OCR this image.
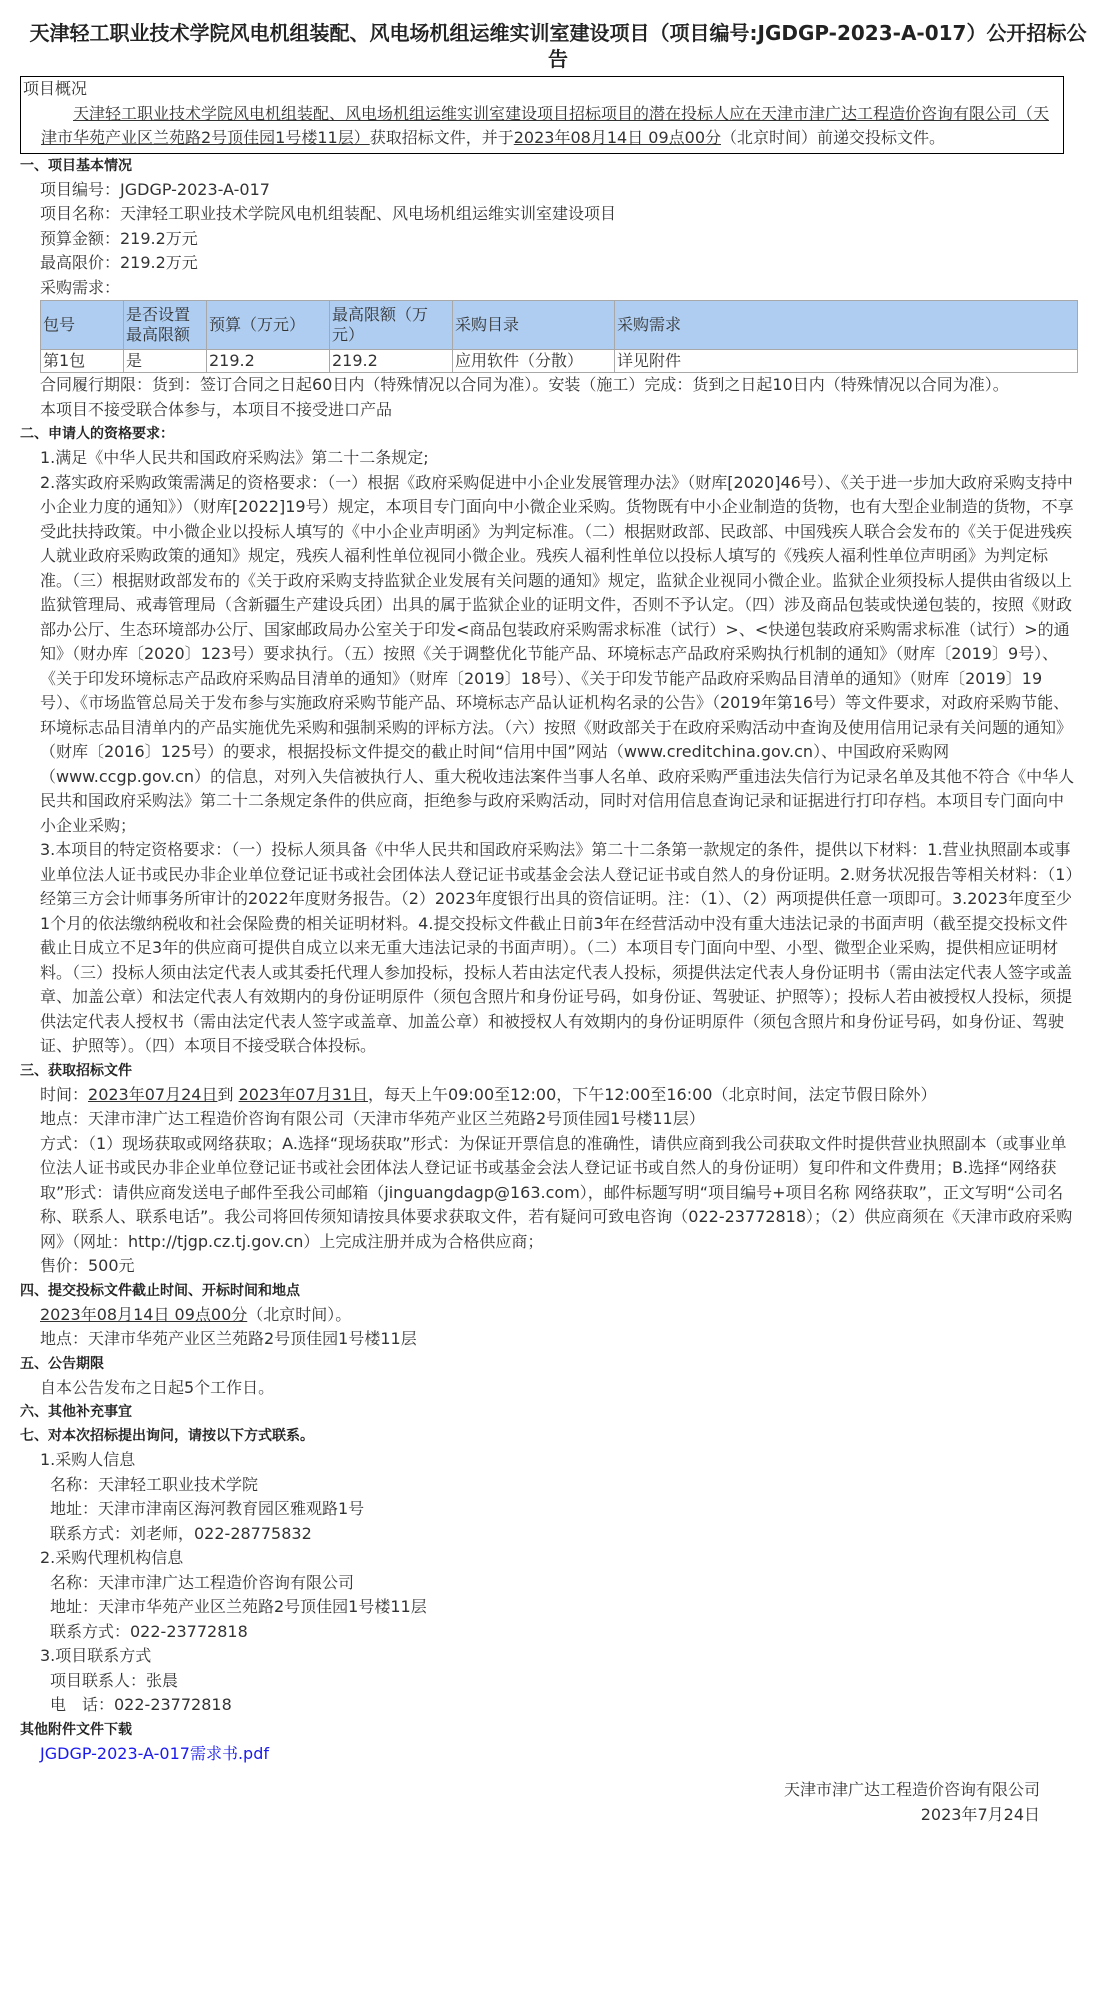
天津轻工职业技术学院风电机组装配、风电场机组运维实训室建设项目（项目编号:JGDGP-2023-A-017）公开招标公告
项目概况
天津轻工职业技术学院风电机组装配、风电场机组运维实训室建设项目招标项目的潜在投标人应在天津市津广达工程造价咨询有限公司（天津市华苑产业区兰苑路2号顶佳园1号楼11层）获取招标文件，并于2023年08月14日 09点00分（北京时间）前递交投标文件。
一、项目基本情况
项目编号：JGDGP-2023-A-017
项目名称：天津轻工职业技术学院风电机组装配、风电场机组运维实训室建设项目
预算金额：219.2万元
最高限价：219.2万元
采购需求：
包号	是否设置最高限额	预算（万元）	最高限额（万元）	采购目录	采购需求
第1包	是	219.2	219.2	应用软件（分散）	详见附件
合同履行期限：货到：签订合同之日起60日内（特殊情况以合同为准）。安装（施工）完成：货到之日起10日内（特殊情况以合同为准）。
本项目不接受联合体参与，本项目不接受进口产品
二、申请人的资格要求：
1.满足《中华人民共和国政府采购法》第二十二条规定;
2.落实政府采购政策需满足的资格要求：（一）根据《政府采购促进中小企业发展管理办法》（财库[2020]46号）、《关于进一步加大政府采购支持中小企业力度的通知》）（财库[2022]19号）规定，本项目专门面向中小微企业采购。货物既有中小企业制造的货物，也有大型企业制造的货物，不享受此扶持政策。中小微企业以投标人填写的《中小企业声明函》为判定标准。（二）根据财政部、民政部、中国残疾人联合会发布的《关于促进残疾人就业政府采购政策的通知》规定，残疾人福利性单位视同小微企业。残疾人福利性单位以投标人填写的《残疾人福利性单位声明函》为判定标准。（三）根据财政部发布的《关于政府采购支持监狱企业发展有关问题的通知》规定，监狱企业视同小微企业。监狱企业须投标人提供由省级以上监狱管理局、戒毒管理局（含新疆生产建设兵团）出具的属于监狱企业的证明文件，否则不予认定。（四）涉及商品包装或快递包装的，按照《财政部办公厅、生态环境部办公厅、国家邮政局办公室关于印发<商品包装政府采购需求标准（试行）>、<快递包装政府采购需求标准（试行）>的通知》（财办库〔2020〕123号）要求执行。（五）按照《关于调整优化节能产品、环境标志产品政府采购执行机制的通知》（财库〔2019〕9号）、《关于印发环境标志产品政府采购品目清单的通知》（财库〔2019〕18号）、《关于印发节能产品政府采购品目清单的通知》（财库〔2019〕19号）、《市场监管总局关于发布参与实施政府采购节能产品、环境标志产品认证机构名录的公告》（2019年第16号）等文件要求，对政府采购节能、环境标志品目清单内的产品实施优先采购和强制采购的评标方法。（六）按照《财政部关于在政府采购活动中查询及使用信用记录有关问题的通知》（财库〔2016〕125号）的要求，根据投标文件提交的截止时间“信用中国”网站（www.creditchina.gov.cn）、中国政府采购网（www.ccgp.gov.cn）的信息，对列入失信被执行人、重大税收违法案件当事人名单、政府采购严重违法失信行为记录名单及其他不符合《中华人民共和国政府采购法》第二十二条规定条件的供应商，拒绝参与政府采购活动，同时对信用信息查询记录和证据进行打印存档。本项目专门面向中小企业采购；
3.本项目的特定资格要求：（一）投标人须具备《中华人民共和国政府采购法》第二十二条第一款规定的条件，提供以下材料：1.营业执照副本或事业单位法人证书或民办非企业单位登记证书或社会团体法人登记证书或基金会法人登记证书或自然人的身份证明。2.财务状况报告等相关材料：（1）经第三方会计师事务所审计的2022年度财务报告。（2）2023年度银行出具的资信证明。注：（1）、（2）两项提供任意一项即可。3.2023年度至少1个月的依法缴纳税收和社会保险费的相关证明材料。4.提交投标文件截止日前3年在经营活动中没有重大违法记录的书面声明（截至提交投标文件截止日成立不足3年的供应商可提供自成立以来无重大违法记录的书面声明）。（二）本项目专门面向中型、小型、微型企业采购，提供相应证明材料。（三）投标人须由法定代表人或其委托代理人参加投标，投标人若由法定代表人投标，须提供法定代表人身份证明书（需由法定代表人签字或盖章、加盖公章）和法定代表人有效期内的身份证明原件（须包含照片和身份证号码，如身份证、驾驶证、护照等）；投标人若由被授权人投标，须提供法定代表人授权书（需由法定代表人签字或盖章、加盖公章）和被授权人有效期内的身份证明原件（须包含照片和身份证号码，如身份证、驾驶证、护照等）。（四）本项目不接受联合体投标。
三、获取招标文件
时间：2023年07月24日到 2023年07月31日，每天上午09:00至12:00，下午12:00至16:00（北京时间，法定节假日除外）
地点：天津市津广达工程造价咨询有限公司（天津市华苑产业区兰苑路2号顶佳园1号楼11层）
方式：（1）现场获取或网络获取；A.选择“现场获取”形式：为保证开票信息的准确性，请供应商到我公司获取文件时提供营业执照副本（或事业单位法人证书或民办非企业单位登记证书或社会团体法人登记证书或基金会法人登记证书或自然人的身份证明）复印件和文件费用；B.选择“网络获取”形式：请供应商发送电子邮件至我公司邮箱（jinguangdagp@163.com），邮件标题写明“项目编号+项目名称 网络获取”，正文写明“公司名称、联系人、联系电话”。我公司将回传须知请按具体要求获取文件，若有疑问可致电咨询（022-23772818）；（2）供应商须在《天津市政府采购网》（网址：http://tjgp.cz.tj.gov.cn）上完成注册并成为合格供应商；
售价：500元
四、提交投标文件截止时间、开标时间和地点
2023年08月14日 09点00分（北京时间）。
地点：天津市华苑产业区兰苑路2号顶佳园1号楼11层
五、公告期限
自本公告发布之日起5个工作日。
六、其他补充事宜
七、对本次招标提出询问，请按以下方式联系。
1.采购人信息
名称：天津轻工职业技术学院
地址：天津市津南区海河教育园区雅观路1号
联系方式：刘老师，022-28775832
2.采购代理机构信息
名称：天津市津广达工程造价咨询有限公司
地址：天津市华苑产业区兰苑路2号顶佳园1号楼11层
联系方式：022-23772818
3.项目联系方式
项目联系人：张晨
电　话：022-23772818
其他附件文件下载
JGDGP-2023-A-017需求书.pdf
天津市津广达工程造价咨询有限公司
2023年7月24日
